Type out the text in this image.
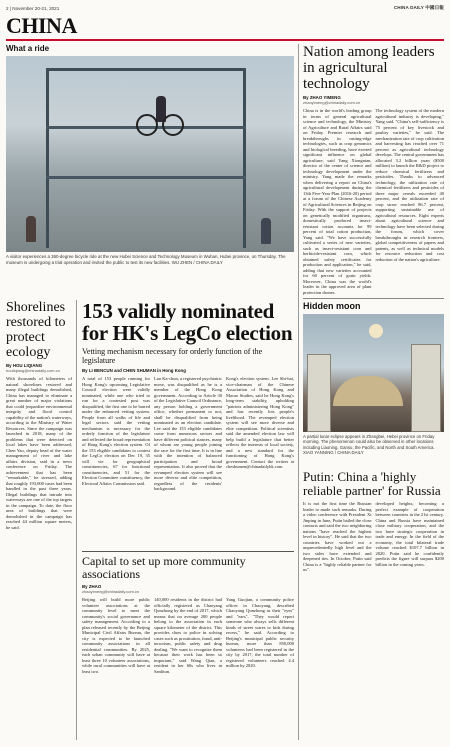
2 | November 20-21, 2021	CHINA DAILY 中國日報
CHINA
What a ride
A visitor experiences a 360-degree bicycle ride at the new Hubei Science and Technology Museum in Wuhan, Hubei province, on Thursday. The museum is undergoing a trial operation and invited the public to test its new facilities. WU ZHEN / CHINA DAILY
Nation among leaders in agricultural technology
By ZHAO YIMENG
zhaoyimeng@chinadaily.com.cn
China is in the world's leading group in terms of general agricultural science and technology, the Ministry of Agriculture and Rural Affairs said on Friday. Premier research and breakthroughs in cutting-edge technologies, such as crop genomics and biological breeding, have exerted significant influence on global agriculture, said Yang Xiongnian, director of the center of science and technology development under the ministry. Yang made the remarks when delivering a report on China's agricultural development during the 13th Five-Year Plan (2016-20) period at a forum of the Chinese Academy of Agricultural Sciences in Beijing on Friday. With the support of projects on genetically modified organisms, domestically produced insect-resistant cotton accounts for 99 percent of total cotton production, Yang said. "We have successfully cultivated a series of new varieties, such as insect-resistant corn and herbicide-resistant corn, which obtained safety certificates for production and application," he said, adding that new varieties accounted for 60 percent of grain yields. Moreover, China was the world's leader in the approved area of plant protection drones.
The technology system of the modern agricultural industry is developing," Yang said. "China's self-sufficiency is 75 percent of key livestock and poultry varieties," he said. The mechanization rate of crop cultivation and harvesting has reached over 71 percent as agricultural technology develops. The central government has allocated 3.2 billion yuan ($500 million) to launch the R&D project to reduce chemical fertilizers and pesticides. Thanks to advanced technology, the utilization rate of chemical fertilizers and pesticides of three major cereals exceeded 40 percent, and the utilization rate of crop straw reached 86.7 percent, supporting sustainable use of agricultural resources. Eight experts about agricultural science and technology have been selected during the forum, which cover breakthroughs in research frontiers, global competitiveness of papers and patents, as well as technical models for resource reduction and cost reduction of the nation's agriculture.
Hidden moon
A partial lunar eclipse appears in Zhangbei, Hebei province on Friday morning. The phenomenon could also be observed in other locations including Liaoning, Gansu, the Pacific, and North and South America. XIAO YANNING / CHINA DAILY
Putin: China a 'highly reliable partner' for Russia
It is not the first time the Russian leader to made such remarks. During a video conference with President Xi Jinping in June, Putin hailed the close contacts and said the two neighboring nations "have reached the highest level in history". He said that the two countries have worked out a unprecedentedly high level and the two sides have extended and deepened ties. In October, Putin said China is a "highly reliable partner for us".
developed heights, becoming a perfect example of cooperation between countries in the 21st century. China and Russia have maintained close military cooperation, and the two have strategic cooperation in trade and energy. In the field of the economy, the total bilateral trade volume reached $107.7 billion in 2020. Putin said he confidently predicts the figure will surpass $200 billion in the coming years.
Shorelines restored to protect ecology
By HOU LIQIANG
houliqiang@chinadaily.com.cn
With thousands of kilometers of natural shorelines restored and many illegal buildings demolished, China has managed to eliminate a great number of major violations that could jeopardize environmental integrity and flood control capability of the nation's waterways, according to the Ministry of Water Resources. Since the campaign was launched in 2018, many of the problems that were detected on local lakes have been addressed, Chen Yao, deputy head of the water management of river and lake affairs division, said in a news conference on Friday. The achievement that has been "remarkable," he stressed, adding that roughly 193,000 cases had been handled in the past three years. Illegal buildings that intrude into waterways are one of the top targets in the campaign. To date, the floor area of buildings that were demolished in the campaign has reached 44 million square meters, he said.
153 validly nominated for HK's LegCo election
Vetting mechanism necessary for orderly function of the legislature
By LI BENCUN and CHEN SHUMAN in Hong Kong
A total of 153 people running for Hong Kong's upcoming Legislative Council election were validly nominated, while one who tried to run for a contested post was disqualified, the first one to be barred under the enhanced vetting system. People from all walks of life and legal sectors said the vetting mechanism is necessary for the orderly function of the legislature and reflected the broad representation of Hong Kong's election system. Of the 153 eligible candidates to contest the LegCo election on Dec 19, 35 will vie for geographical constituencies, 67 for functional constituencies, and 51 for the Election Committee constituency, the Electoral Affairs Commission said.
Lau Ka-chun, a registered psychiatric nurse, was disqualified as he is a member of the Hong Kong government. According to Article 30 of the Legislative Council Ordinance, any person holding a government office, whether permanent or not, shall be disqualified from being nominated as an election candidate. Lee said the 153 eligible candidates come from numerous sectors and have different political stances, many of whom are young people joining the race for the first time. It is in line with the intention of balanced participation and broad representation. It also proved that the revamped election system will see more diverse and elite competition, regardless of the residents' background.
Kong's election system. Lee Shi-hai, vice-chairman of the Chinese Association of Hong Kong and Macao Studies, said he Hong Kong's long-term stability, upholding "patriots administering Hong Kong" and has recently lots people's livelihood. The revamped election system will see more diverse and elite competition. Political scientists said the amended election law will help build a legislature that better reflects the interests of local society, and a new standard for the functioning of Hong Kong's government. Contact the writers at cheshumen@chinadailyhk.com
Capital to set up more community associations
By ZHAO
zhaoyimeng@chinadaily.com.cn
Beijing will build more public volunteer associations at the community level to meet the community's social governance and safety management. According to a plan released recently by the Beijing Municipal Civil Affairs Bureau, the city is expected to be launched community associations in all residential communities. By 2025, each urban community will have at least three 10 volunteer associations, while rural communities will have at least two.
140,000 residents in the district had officially registered as Chaoyang Qunzhong by the end of 2017, which means that on average 200 people belong to the association in each square kilometer of the district. This provides clues to police in solving cases such as prostitution, fraud, anti-terrorism, public safety and drug dealing. "We want to recognize them because their work has been so important," said Wang Qian, a resident in her 60s who lives in Sanlitun.
Yang Guojian, a community police officer in Chaoyang, described Chaoyang Qunzhong as their "eyes" and "ears". "They would report someone who always sells different kinds of street wares to kids during recess," he said. According to Beijing's municipal public security bureau, more than 850,000 volunteers had been registered in the city by 2017, the total number of registered volunteers reached 4.4 million by 2020.
